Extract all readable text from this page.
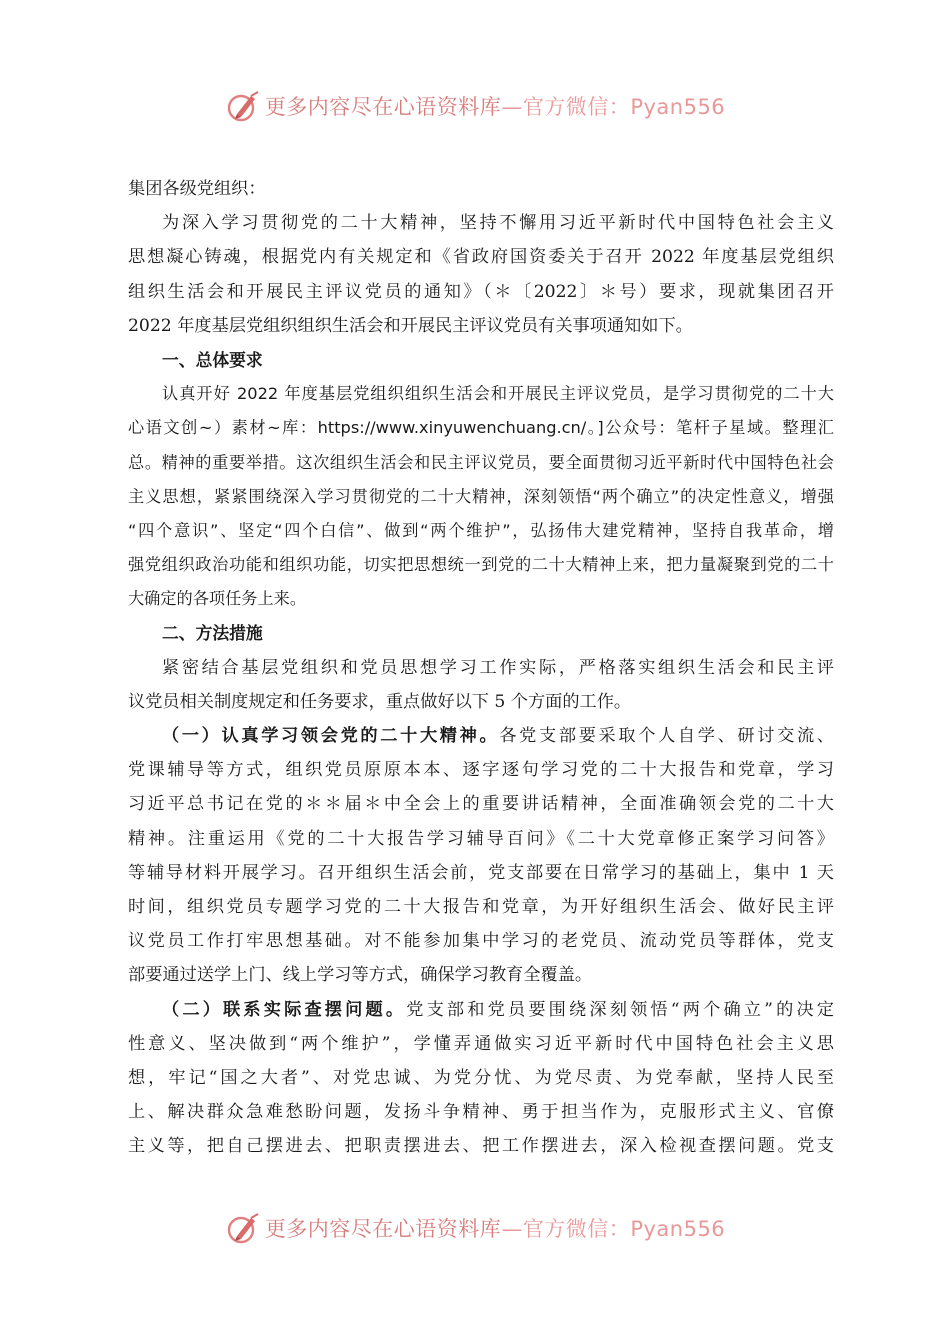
更多内容尽在心语资料库—官方微信：Pyan556
集团各级党组织：
为深入学习贯彻党的二十大精神，坚持不懈用习近平新时代中国特色社会主义
思想凝心铸魂，根据党内有关规定和《省政府国资委关于召开 2022 年度基层党组织
组织生活会和开展民主评议党员的通知》（＊〔2022〕＊号）要求，现就集团召开
2022 年度基层党组织组织生活会和开展民主评议党员有关事项通知如下。
一、总体要求
认真开好 2022 年度基层党组织组织生活会和开展民主评议党员，是学习贯彻党的二十大
心语文创~）素材~库：https://www.xinyuwenchuang.cn/。]公众号：笔杆子星域。整理汇
总。精神的重要举措。这次组织生活会和民主评议党员，要全面贯彻习近平新时代中国特色社会
主义思想，紧紧围绕深入学习贯彻党的二十大精神，深刻领悟“两个确立”的决定性意义，增强
“四个意识”、坚定“四个白信”、做到“两个维护”，弘扬伟大建党精神，坚持自我革命，增
强党组织政治功能和组织功能，切实把思想统一到党的二十大精神上来，把力量凝聚到党的二十
大确定的各项任务上来。
二、方法措施
紧密结合基层党组织和党员思想学习工作实际，严格落实组织生活会和民主评
议党员相关制度规定和任务要求，重点做好以下 5 个方面的工作。
（一）认真学习领会党的二十大精神。各党支部要采取个人自学、研讨交流、
党课辅导等方式，组织党员原原本本、逐字逐句学习党的二十大报告和党章，学习
习近平总书记在党的＊＊届＊中全会上的重要讲话精神，全面准确领会党的二十大
精神。注重运用《党的二十大报告学习辅导百问》《二十大党章修正案学习问答》
等辅导材料开展学习。召开组织生活会前，党支部要在日常学习的基础上，集中 1 天
时间，组织党员专题学习党的二十大报告和党章，为开好组织生活会、做好民主评
议党员工作打牢思想基础。对不能参加集中学习的老党员、流动党员等群体，党支
部要通过送学上门、线上学习等方式，确保学习教育全覆盖。
（二）联系实际查摆问题。党支部和党员要围绕深刻领悟“两个确立”的决定
性意义、坚决做到“两个维护”，学懂弄通做实习近平新时代中国特色社会主义思
想，牢记“国之大者”、对党忠诚、为党分忧、为党尽责、为党奉献，坚持人民至
上、解决群众急难愁盼问题，发扬斗争精神、勇于担当作为，克服形式主义、官僚
主义等，把自己摆进去、把职责摆进去、把工作摆进去，深入检视查摆问题。党支
更多内容尽在心语资料库—官方微信：Pyan556
